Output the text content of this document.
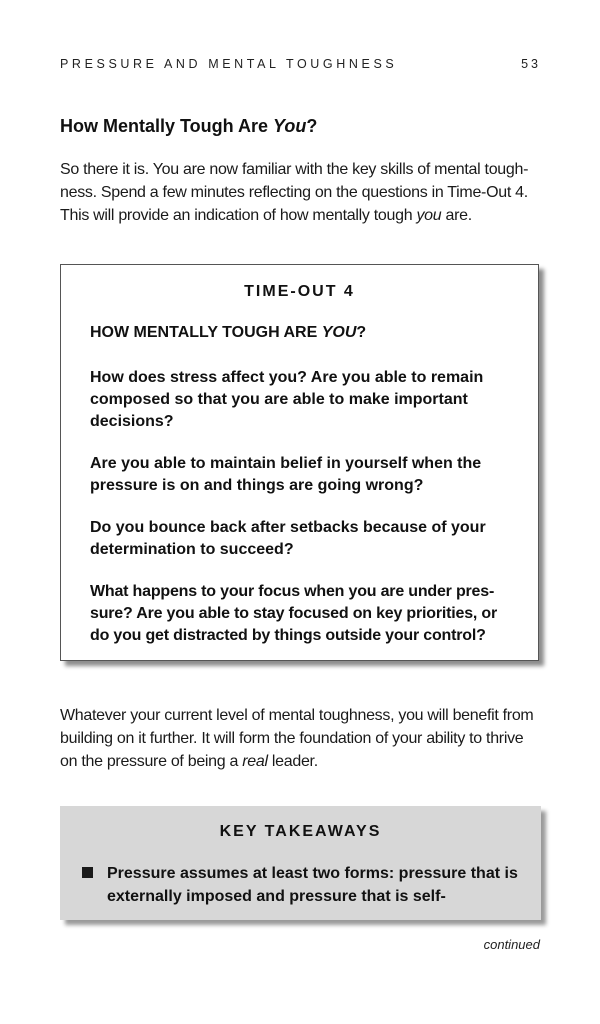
PRESSURE AND MENTAL TOUGHNESS	53
How Mentally Tough Are You?
So there it is. You are now familiar with the key skills of mental tough-ness. Spend a few minutes reflecting on the questions in Time-Out 4. This will provide an indication of how mentally tough you are.
TIME-OUT 4
HOW MENTALLY TOUGH ARE YOU?
How does stress affect you? Are you able to remain composed so that you are able to make important decisions?
Are you able to maintain belief in yourself when the pressure is on and things are going wrong?
Do you bounce back after setbacks because of your determination to succeed?
What happens to your focus when you are under pres-sure? Are you able to stay focused on key priorities, or do you get distracted by things outside your control?
Whatever your current level of mental toughness, you will benefit from building on it further. It will form the foundation of your ability to thrive on the pressure of being a real leader.
KEY TAKEAWAYS
Pressure assumes at least two forms: pressure that is externally imposed and pressure that is self-
continued
